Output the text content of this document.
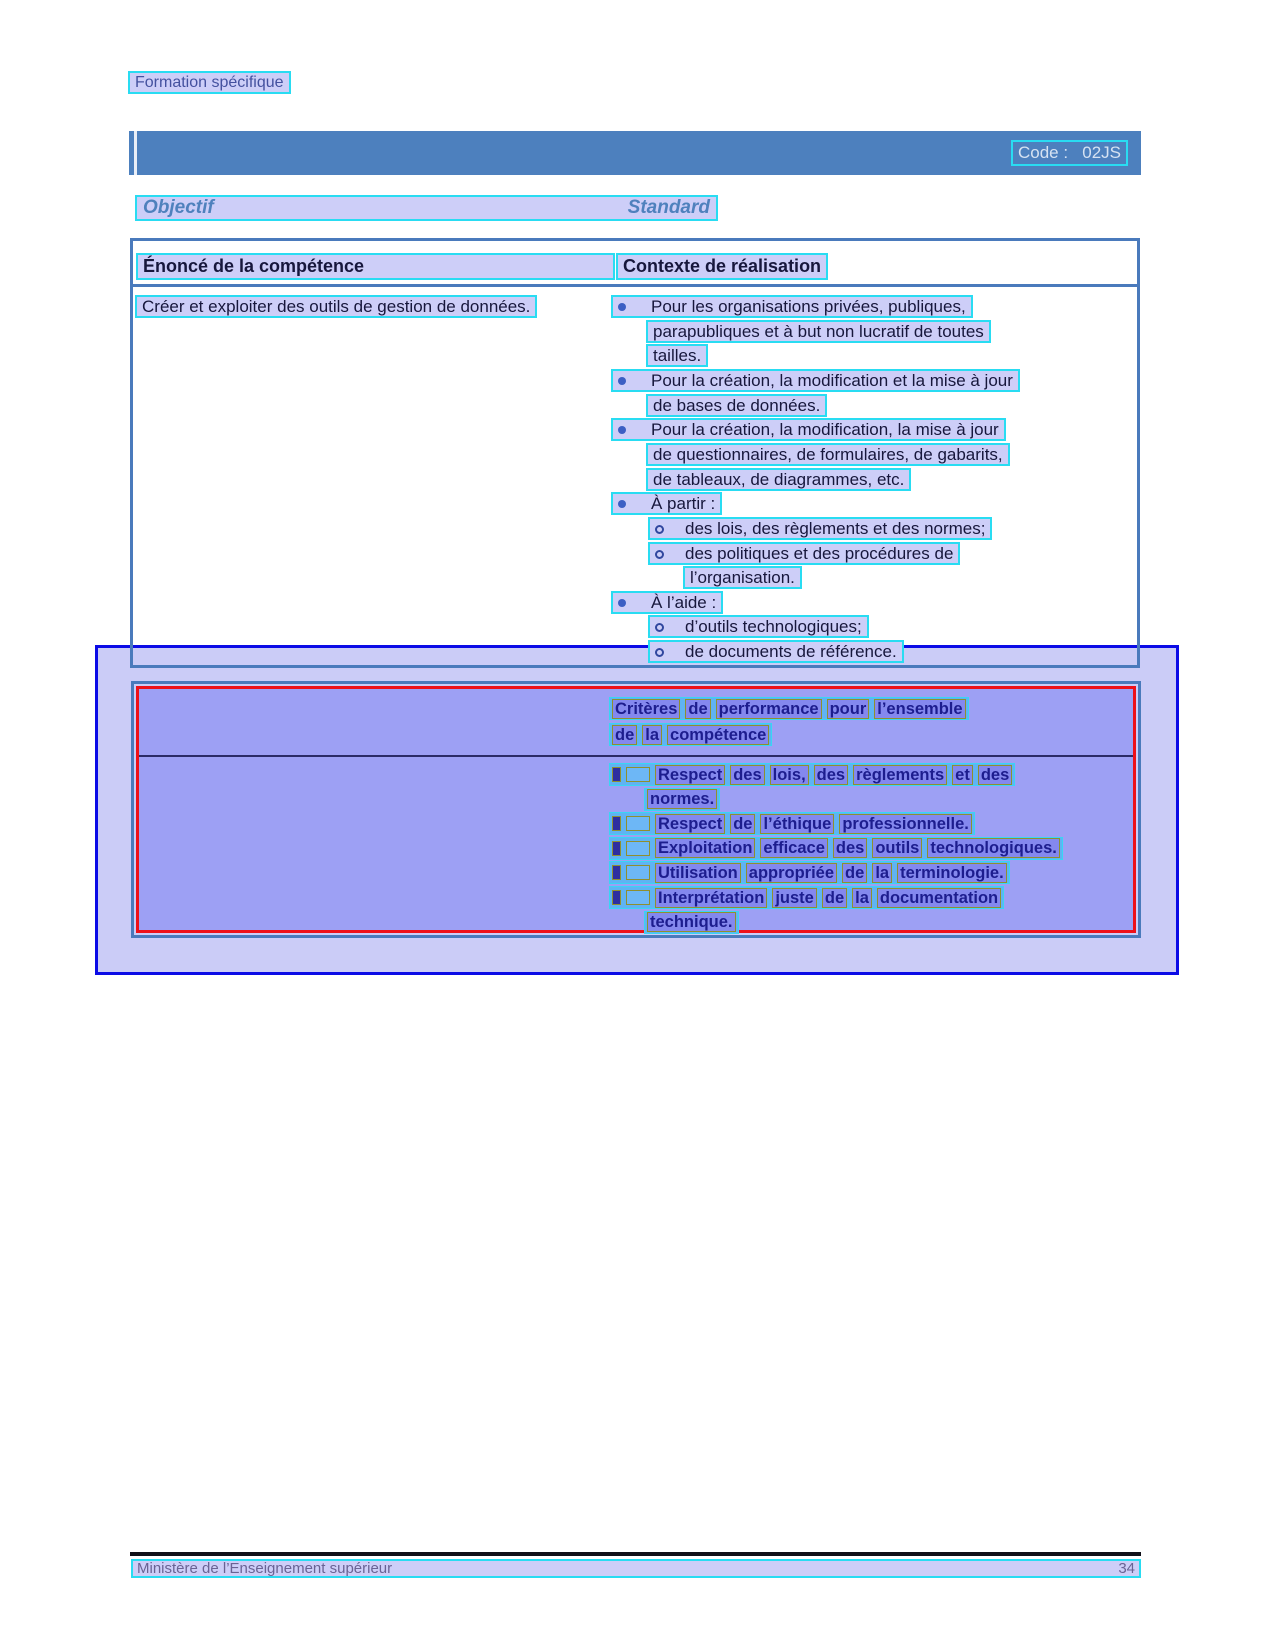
Formation spécifique
Code :   02JS
Objectif	Standard
Énoncé de la compétence	Contexte de réalisation
Créer et exploiter des outils de gestion de données.	Pour les organisations privées, publiques,
parapubliques et à but non lucratif de toutes
tailles.
Pour la création, la modification et la mise à jour
de bases de données.
Pour la création, la modification, la mise à jour
de questionnaires, de formulaires, de gabarits,
de tableaux, de diagrammes, etc.
À partir :
des lois, des règlements et des normes;
des politiques et des procédures de
l’organisation.
À l’aide :
d’outils technologiques;
de documents de référence.
Critères de performance pour l’ensemble
de la compétence
Respect des lois, des règlements et des
normes.
Respect de l’éthique professionnelle.
Exploitation efficace des outils technologiques.
Utilisation appropriée de la terminologie.
Interprétation juste de la documentation
technique.
Ministère de l’Enseignement supérieur	34
